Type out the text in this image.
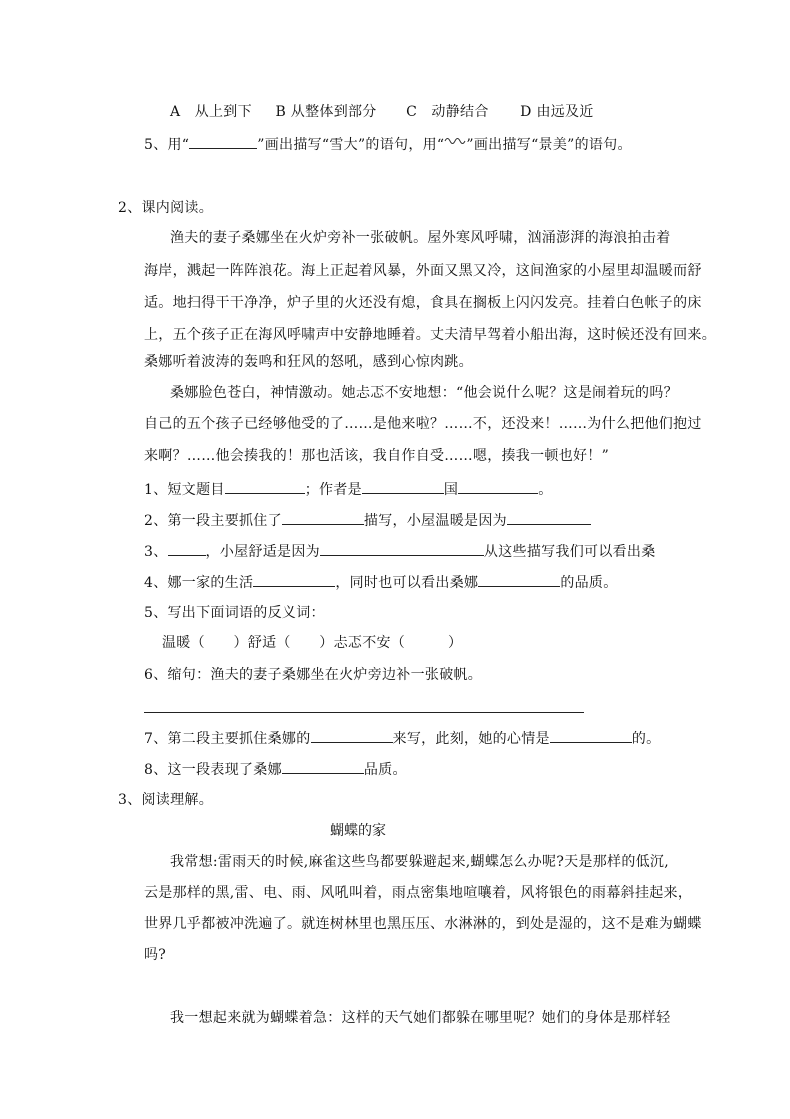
A　从上到下 B 从整体到部分 C　动静结合 D 由远及近
5、用“	”画出描写“雪大”的语句，用“ ”画出描写“景美”的语句。
2、课内阅读。
渔夫的妻子桑娜坐在火炉旁补一张破帆。屋外寒风呼啸，汹涌澎湃的海浪拍击着
海岸，溅起一阵阵浪花。海上正起着风暴，外面又黑又冷，这间渔家的小屋里却温暖而舒
适。地扫得干干净净，炉子里的火还没有熄，食具在搁板上闪闪发亮。挂着白色帐子的床
上，五个孩子正在海风呼啸声中安静地睡着。丈夫清早驾着小船出海，这时候还没有回来。
桑娜听着波涛的轰鸣和狂风的怒吼，感到心惊肉跳。
桑娜脸色苍白，神情激动。她忐忑不安地想：“他会说什么呢？这是闹着玩的吗？
自己的五个孩子已经够他受的了……是他来啦？……不，还没来！……为什么把他们抱过
来啊？……他会揍我的！那也活该，我自作自受……嗯，揍我一顿也好！”
1、短文题目	；作者是	国	。
2、第一段主要抓住了	描写，小屋温暖是因为
3、	，小屋舒适是因为	从这些描写我们可以看出桑
4、娜一家的生活	，同时也可以看出桑娜	的品质。
5、写出下面词语的反义词：
温暖（　　）舒适（　　）忐忑不安（　　　）
6、缩句：渔夫的妻子桑娜坐在火炉旁边补一张破帆。
7、第二段主要抓住桑娜的	来写，此刻，她的心情是	的。
8、这一段表现了桑娜	品质。
3、阅读理解。
蝴蝶的家
我常想:雷雨天的时候,麻雀这些鸟都要躲避起来,蝴蝶怎么办呢?天是那样的低沉,
云是那样的黑,雷、电、雨、风吼叫着，雨点密集地喧嚷着，风将银色的雨幕斜挂起来，
世界几乎都被冲洗遍了。就连树林里也黑压压、水淋淋的，到处是湿的，这不是难为蝴蝶
吗?
我一想起来就为蝴蝶着急：这样的天气她们都躲在哪里呢？她们的身体是那样轻
